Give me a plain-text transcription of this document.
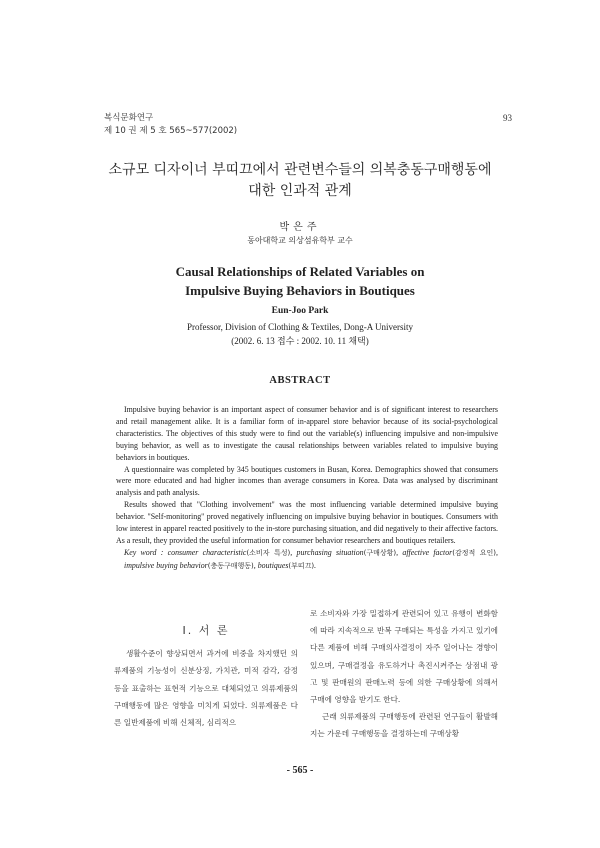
복식문화연구
제 10 권 제 5 호 565~577(2002)
93
소규모 디자이너 부띠끄에서 관련변수들의 의복충동구매행동에
대한 인과적 관계
박은주
동아대학교 의상섬유학부 교수
Causal Relationships of Related Variables on
Impulsive Buying Behaviors in Boutiques
Eun-Joo Park
Professor, Division of Clothing & Textiles, Dong-A University
(2002. 6. 13 접수 : 2002. 10. 11 채택)
ABSTRACT

Impulsive buying behavior is an important aspect of consumer behavior and is of significant interest to researchers and retail management alike. It is a familiar form of in-apparel store behavior because of its social-psychological characteristics. The objectives of this study were to find out the variable(s) influencing impulsive and non-impulsive buying behavior, as well as to investigate the causal relationships between variables related to impulsive buying behaviors in boutiques.

A questionnaire was completed by 345 boutiques customers in Busan, Korea. Demographics showed that consumers were more educated and had higher incomes than average consumers in Korea. Data was analysed by discriminant analysis and path analysis.

Results showed that "Clothing involvement" was the most influencing variable determined impulsive buying behavior. "Self-monitoring" proved negatively influencing on impulsive buying behavior in boutiques. Consumers with low interest in apparel reacted positively to the in-store purchasing situation, and did negatively to their affective factors. As a result, they provided the useful information for consumer behavior researchers and boutiques retailers.

Key word : consumer characteristic(소비자 특성), purchasing situation(구매상황), affective factor(감정적 요인), impulsive buying behavior(충동구매행동), boutiques(부띠끄).

Ⅰ. 서 론

생활수준이 향상되면서 과거에 비중을 차지했던 의류제품의 기능성이 신분상징, 가치관, 미적 감각, 감정 등을 표출하는 표현적 기능으로 대체되었고 의류제품의 구매행동에 많은 영향을 미치게 되었다. 의류제품은 다른 일반제품에 비해 신체적, 심리적으

로 소비자와 가장 밀접하게 관련되어 있고 유행이 변화함에 따라 지속적으로 반복 구매되는 특성을 가지고 있기에 다른 제품에 비해 구매의사결정이 자주 일어나는 경향이 있으며, 구매결정을 유도하거나 촉진시켜주는 상점내 광고 및 판매원의 판매노력 등에 의한 구매상황에 의해서 구매에 영향을 받기도 한다.

근래 의류제품의 구매행동에 관련된 연구들이 활발해지는 가운데 구매행동을 결정하는데 구매상황

- 565 -
